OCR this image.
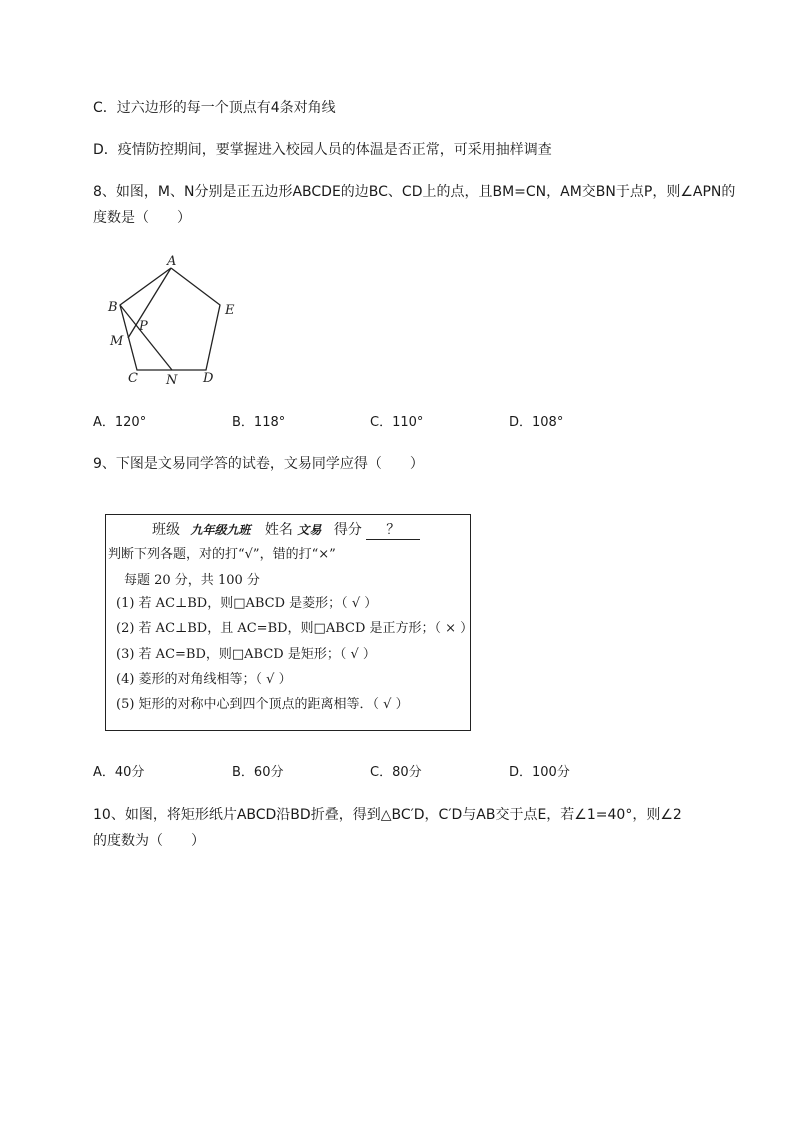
C．过六边形的每一个顶点有4条对角线
D．疫情防控期间，要掌握进入校园人员的体温是否正常，可采用抽样调查
8、如图，M、N分别是正五边形ABCDE的边BC、CD上的点，且BM=CN，AM交BN于点P，则∠APN的
度数是（　　）
A
B	E
P
M
C N D
A．120°	B．118°	C．110°	D．108°
9、下图是文易同学答的试卷，文易同学应得（　　）
班级 九年级九班 姓名 文易 得分 ？
判断下列各题，对的打“√”，错的打“×”
每题 20 分，共 100 分
(1) 若 AC⊥BD，则□ABCD 是菱形；（ √ ）
(2) 若 AC⊥BD，且 AC=BD，则□ABCD 是正方形；（ × ）
(3) 若 AC=BD，则□ABCD 是矩形；（ √ ）
(4) 菱形的对角线相等；（ √ ）
(5) 矩形的对称中心到四个顶点的距离相等．（ √ ）
A．40分	B．60分	C．80分	D．100分
10、如图，将矩形纸片ABCD沿BD折叠，得到△BC′D，C′D与AB交于点E，若∠1=40°，则∠2
的度数为（　　）
